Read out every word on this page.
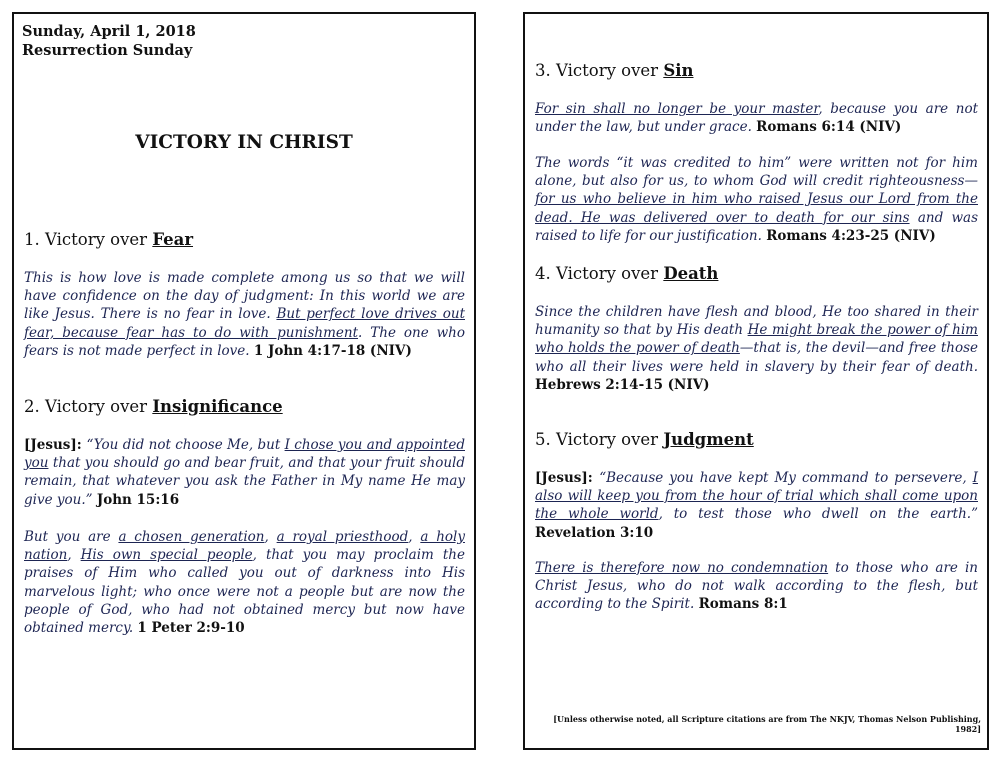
Sunday, April 1, 2018
Resurrection Sunday
VICTORY IN CHRIST
1. Victory over Fear
This is how love is made complete among us so that we will have confidence on the day of judgment: In this world we are like Jesus. There is no fear in love. But perfect love drives out fear, because fear has to do with punishment. The one who fears is not made perfect in love. 1 John 4:17-18 (NIV)
2. Victory over Insignificance
[Jesus]: “You did not choose Me, but I chose you and appointed you that you should go and bear fruit, and that your fruit should remain, that whatever you ask the Father in My name He may give you.” John 15:16
But you are a chosen generation, a royal priesthood, a holy nation, His own special people, that you may proclaim the praises of Him who called you out of darkness into His marvelous light; who once were not a people but are now the people of God, who had not obtained mercy but now have obtained mercy. 1 Peter 2:9-10
3. Victory over Sin
For sin shall no longer be your master, because you are not under the law, but under grace. Romans 6:14 (NIV)
The words “it was credited to him” were written not for him alone, but also for us, to whom God will credit righteousness—for us who believe in him who raised Jesus our Lord from the dead. He was delivered over to death for our sins and was raised to life for our justification. Romans 4:23-25 (NIV)
4. Victory over Death
Since the children have flesh and blood, He too shared in their humanity so that by His death He might break the power of him who holds the power of death—that is, the devil—and free those who all their lives were held in slavery by their fear of death. Hebrews 2:14-15 (NIV)
5. Victory over Judgment
[Jesus]: “Because you have kept My command to persevere, I also will keep you from the hour of trial which shall come upon the whole world, to test those who dwell on the earth.” Revelation 3:10
There is therefore now no condemnation to those who are in Christ Jesus, who do not walk according to the flesh, but according to the Spirit. Romans 8:1
[Unless otherwise noted, all Scripture citations are from The NKJV, Thomas Nelson Publishing, 1982]
